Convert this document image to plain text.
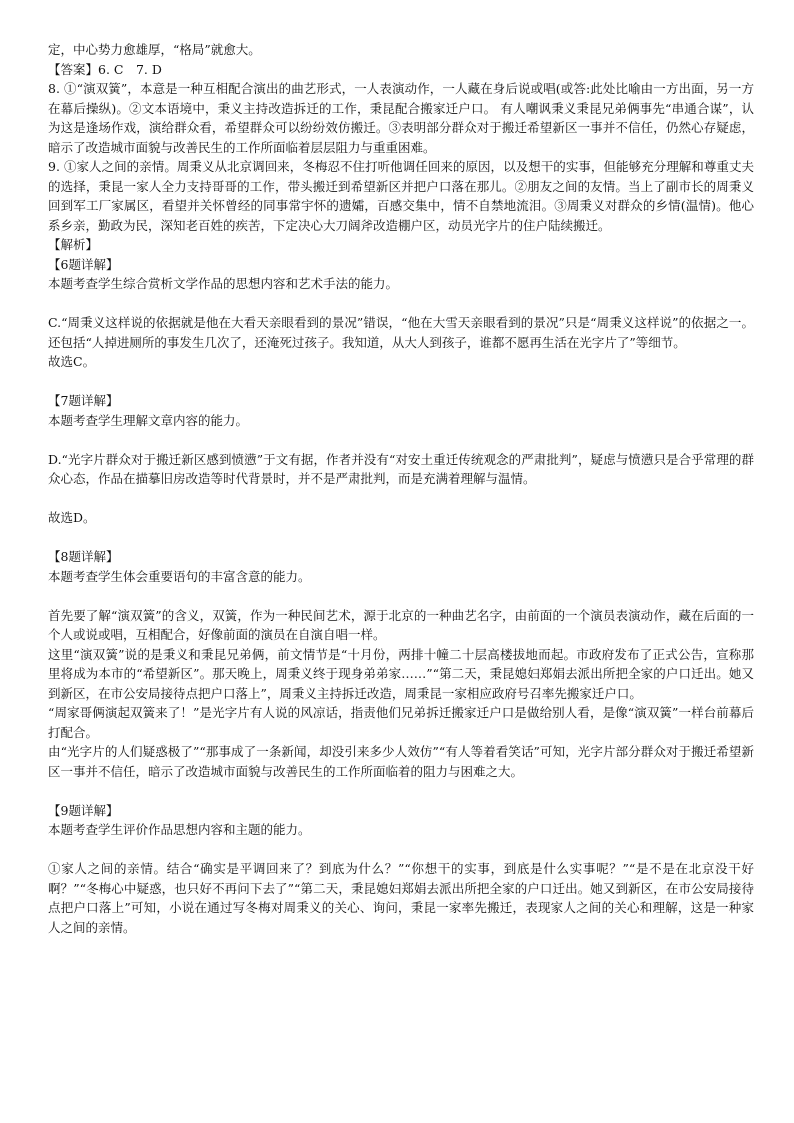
定，中心势力愈雄厚，“格局”就愈大。

【答案】6. C　7. D

8. ①“演双簧”，本意是一种互相配合演出的曲艺形式，一人表演动作，一人藏在身后说或唱(或答:此处比喻由一方出面，另一方在幕后操纵)。②文本语境中，秉义主持改造拆迁的工作，秉昆配合搬家迁户口。 有人嘲讽秉义秉昆兄弟俩事先“串通合谋”，认为这是逢场作戏，演给群众看，希望群众可以纷纷效仿搬迁。③表明部分群众对于搬迁希望新区一事并不信任，仍然心存疑虑，暗示了改造城市面貌与改善民生的工作所面临着层层阻力与重重困难。

9. ①家人之间的亲情。周秉义从北京调回来，冬梅忍不住打听他调任回来的原因，以及想干的实事，但能够充分理解和尊重丈夫的选择，秉昆一家人全力支持哥哥的工作，带头搬迁到希望新区并把户口落在那儿。②朋友之间的友情。当上了副市长的周秉义回到军工厂家属区，看望并关怀曾经的同事常宇怀的遗孀，百感交集中，情不自禁地流泪。③周秉义对群众的乡情(温情)。他心系乡亲，勤政为民，深知老百姓的疾苦，下定决心大刀阔斧改造棚户区，动员光字片的住户陆续搬迁。

【解析】

【6题详解】

本题考查学生综合赏析文学作品的思想内容和艺术手法的能力。

C.“周秉义这样说的依据就是他在大看天亲眼看到的景况”错误，“他在大雪天亲眼看到的景况”只是“周秉义这样说”的依据之一。还包括“人掉进厕所的事发生几次了，还淹死过孩子。我知道，从大人到孩子，谁都不愿再生活在光字片了”等细节。

故选C。

【7题详解】

本题考查学生理解文章内容的能力。

D.“光字片群众对于搬迁新区感到愤懑”于文有据，作者并没有“对安土重迁传统观念的严肃批判”，疑虑与愤懑只是合乎常理的群众心态，作品在描摹旧房改造等时代背景时，并不是严肃批判，而是充满着理解与温情。

故选D。

【8题详解】

本题考查学生体会重要语句的丰富含意的能力。

首先要了解“演双簧”的含义，双簧，作为一种民间艺术，源于北京的一种曲艺名字，由前面的一个演员表演动作，藏在后面的一个人或说或唱，互相配合，好像前面的演员在自演自唱一样。

这里“演双簧”说的是秉义和秉昆兄弟俩，前文情节是“十月份，两排十幢二十层高楼拔地而起。市政府发布了正式公告，宣称那里将成为本市的“希望新区”。那天晚上，周秉义终于现身弟弟家……”“第二天，秉昆媳妇郑娟去派出所把全家的户口迁出。她又到新区，在市公安局接待点把户口落上”，周秉义主持拆迁改造，周秉昆一家相应政府号召率先搬家迁户口。

“周家哥俩演起双簧来了！”是光字片有人说的风凉话，指责他们兄弟拆迁搬家迁户口是做给别人看，是像“演双簧”一样台前幕后打配合。

由“光字片的人们疑惑极了”“那事成了一条新闻，却没引来多少人效仿”“有人等着看笑话”可知，光字片部分群众对于搬迁希望新区一事并不信任，暗示了改造城市面貌与改善民生的工作所面临着的阻力与困难之大。

【9题详解】

本题考查学生评价作品思想内容和主题的能力。

①家人之间的亲情。结合“确实是平调回来了？到底为什么？”“你想干的实事，到底是什么实事呢？”“是不是在北京没干好啊？”“冬梅心中疑惑，也只好不再问下去了”“第二天，秉昆媳妇郑娟去派出所把全家的户口迁出。她又到新区，在市公安局接待点把户口落上”可知，小说在通过写冬梅对周秉义的关心、询问，秉昆一家率先搬迁，表现家人之间的关心和理解，这是一种家人之间的亲情。
